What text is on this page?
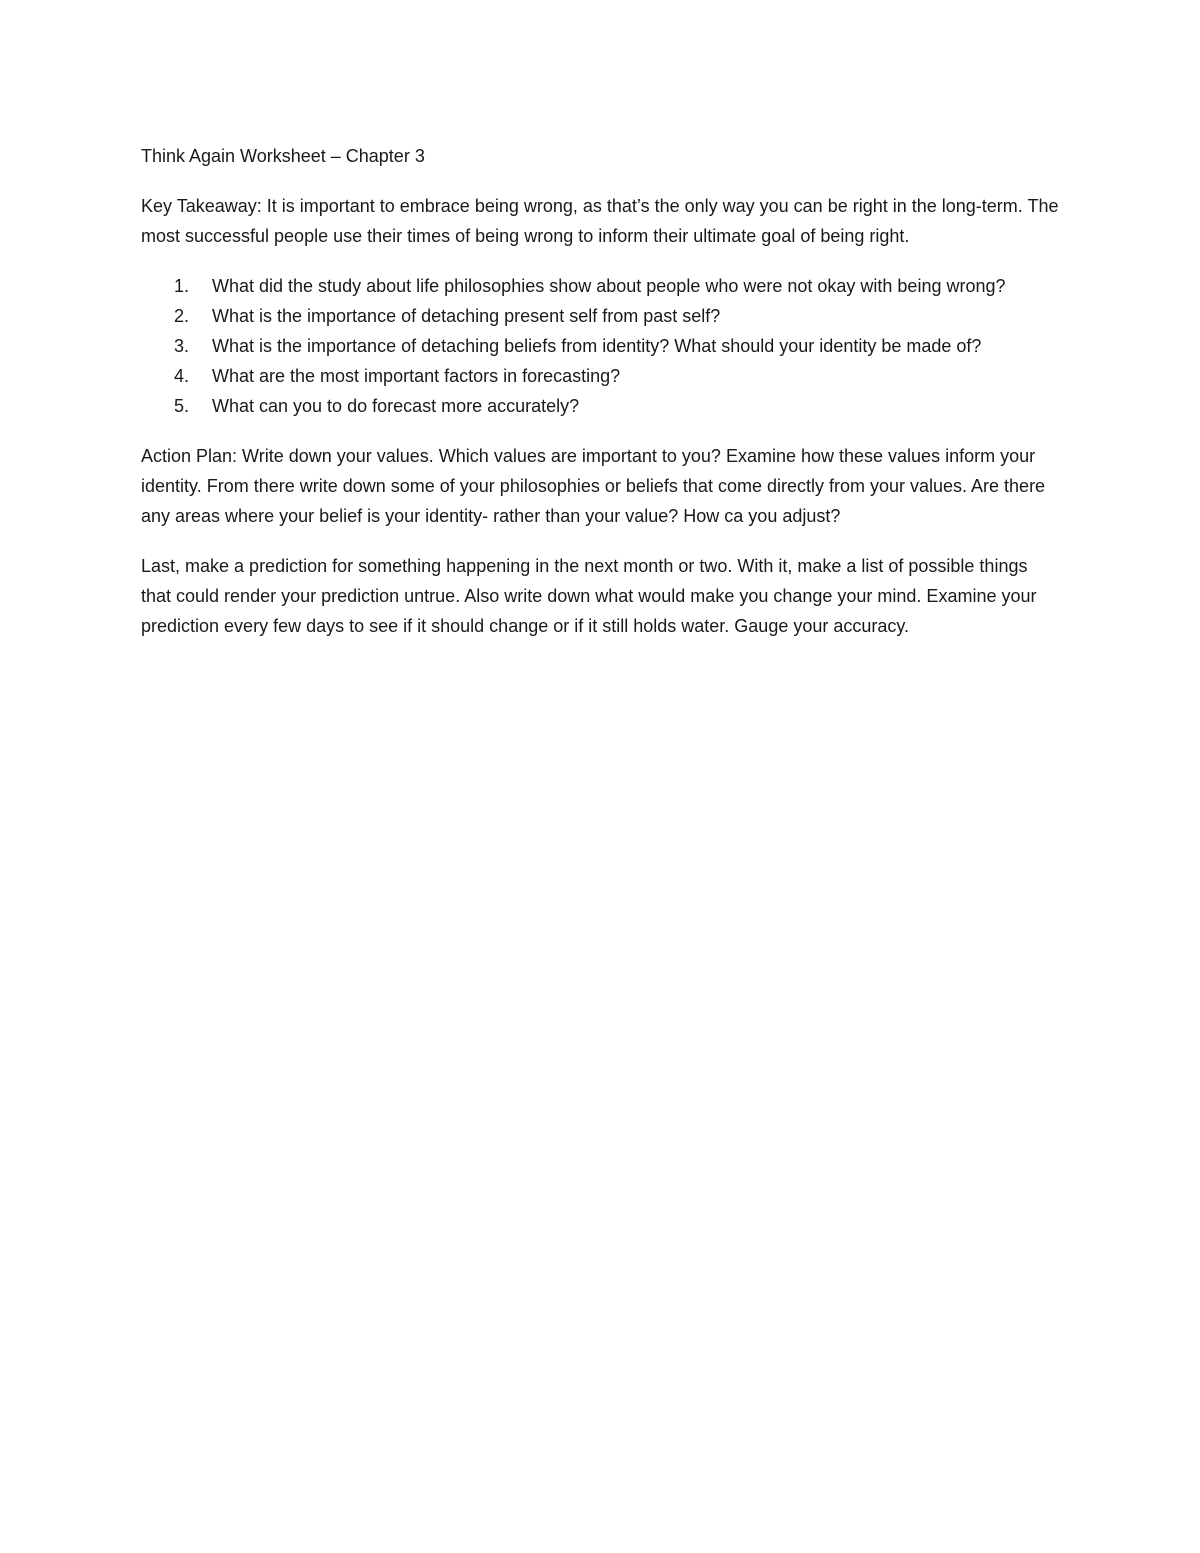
Think Again Worksheet – Chapter 3

Key Takeaway: It is important to embrace being wrong, as that’s the only way you can be right in the long-term. The most successful people use their times of being wrong to inform their ultimate goal of being right.

1. What did the study about life philosophies show about people who were not okay with being wrong?
2. What is the importance of detaching present self from past self?
3. What is the importance of detaching beliefs from identity? What should your identity be made of?
4. What are the most important factors in forecasting?
5. What can you to do forecast more accurately?

Action Plan: Write down your values. Which values are important to you? Examine how these values inform your identity. From there write down some of your philosophies or beliefs that come directly from your values. Are there any areas where your belief is your identity- rather than your value? How ca you adjust?

Last, make a prediction for something happening in the next month or two. With it, make a list of possible things that could render your prediction untrue. Also write down what would make you change your mind. Examine your prediction every few days to see if it should change or if it still holds water. Gauge your accuracy.
